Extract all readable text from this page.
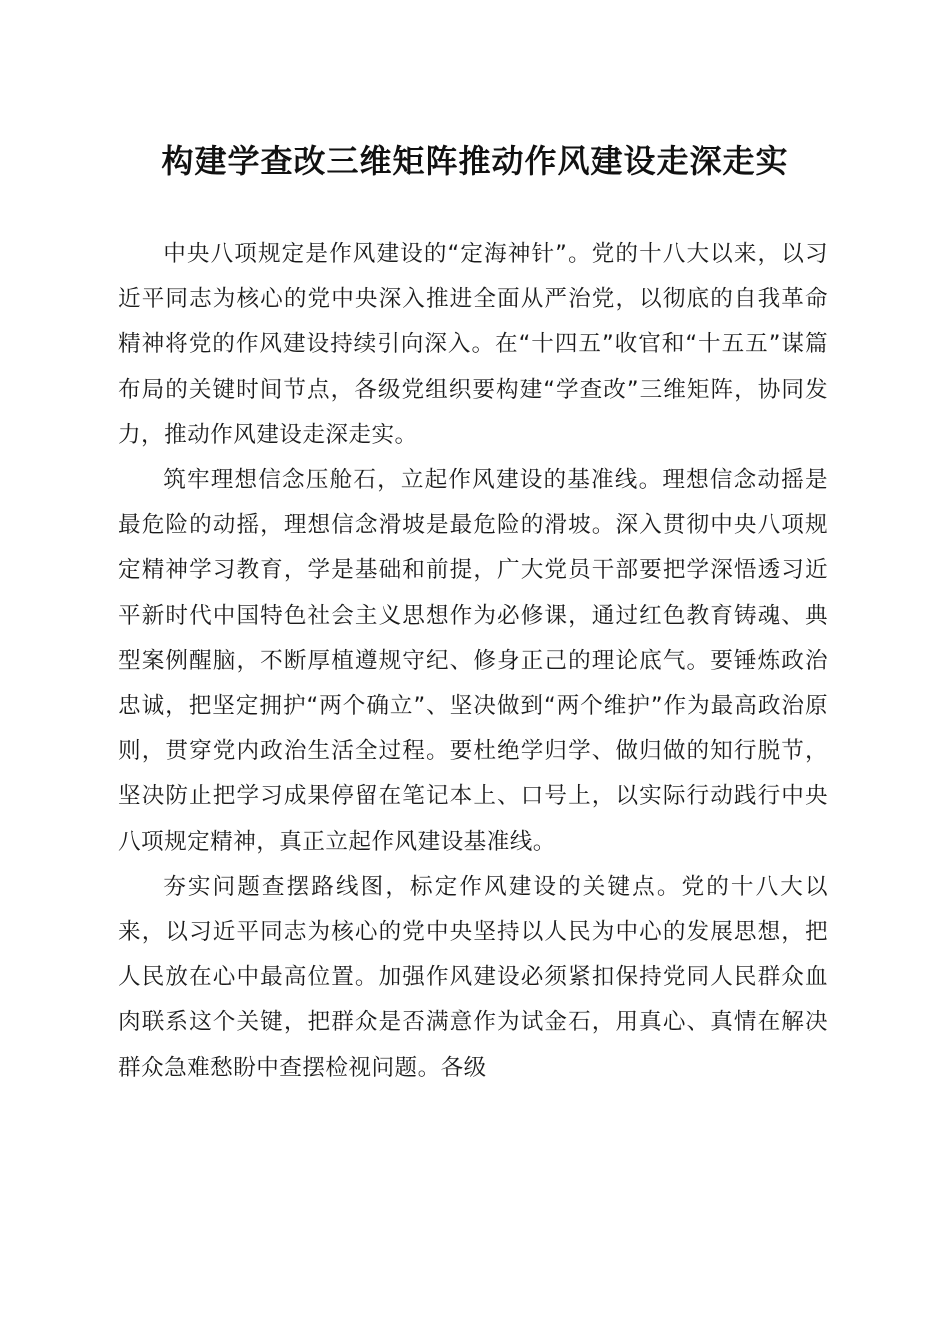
构建学查改三维矩阵推动作风建设走深走实

中央八项规定是作风建设的“定海神针”。党的十八大以来，以习近平同志为核心的党中央深入推进全面从严治党，以彻底的自我革命精神将党的作风建设持续引向深入。在“十四五”收官和“十五五”谋篇布局的关键时间节点，各级党组织要构建“学查改”三维矩阵，协同发力，推动作风建设走深走实。

筑牢理想信念压舱石，立起作风建设的基准线。理想信念动摇是最危险的动摇，理想信念滑坡是最危险的滑坡。深入贯彻中央八项规定精神学习教育，学是基础和前提，广大党员干部要把学深悟透习近平新时代中国特色社会主义思想作为必修课，通过红色教育铸魂、典型案例醒脑，不断厚植遵规守纪、修身正己的理论底气。要锤炼政治忠诚，把坚定拥护“两个确立”、坚决做到“两个维护”作为最高政治原则，贯穿党内政治生活全过程。要杜绝学归学、做归做的知行脱节，坚决防止把学习成果停留在笔记本上、口号上，以实际行动践行中央八项规定精神，真正立起作风建设基准线。

夯实问题查摆路线图，标定作风建设的关键点。党的十八大以来，以习近平同志为核心的党中央坚持以人民为中心的发展思想，把人民放在心中最高位置。加强作风建设必须紧扣保持党同人民群众血肉联系这个关键，把群众是否满意作为试金石，用真心、真情在解决群众急难愁盼中查摆检视问题。各级
